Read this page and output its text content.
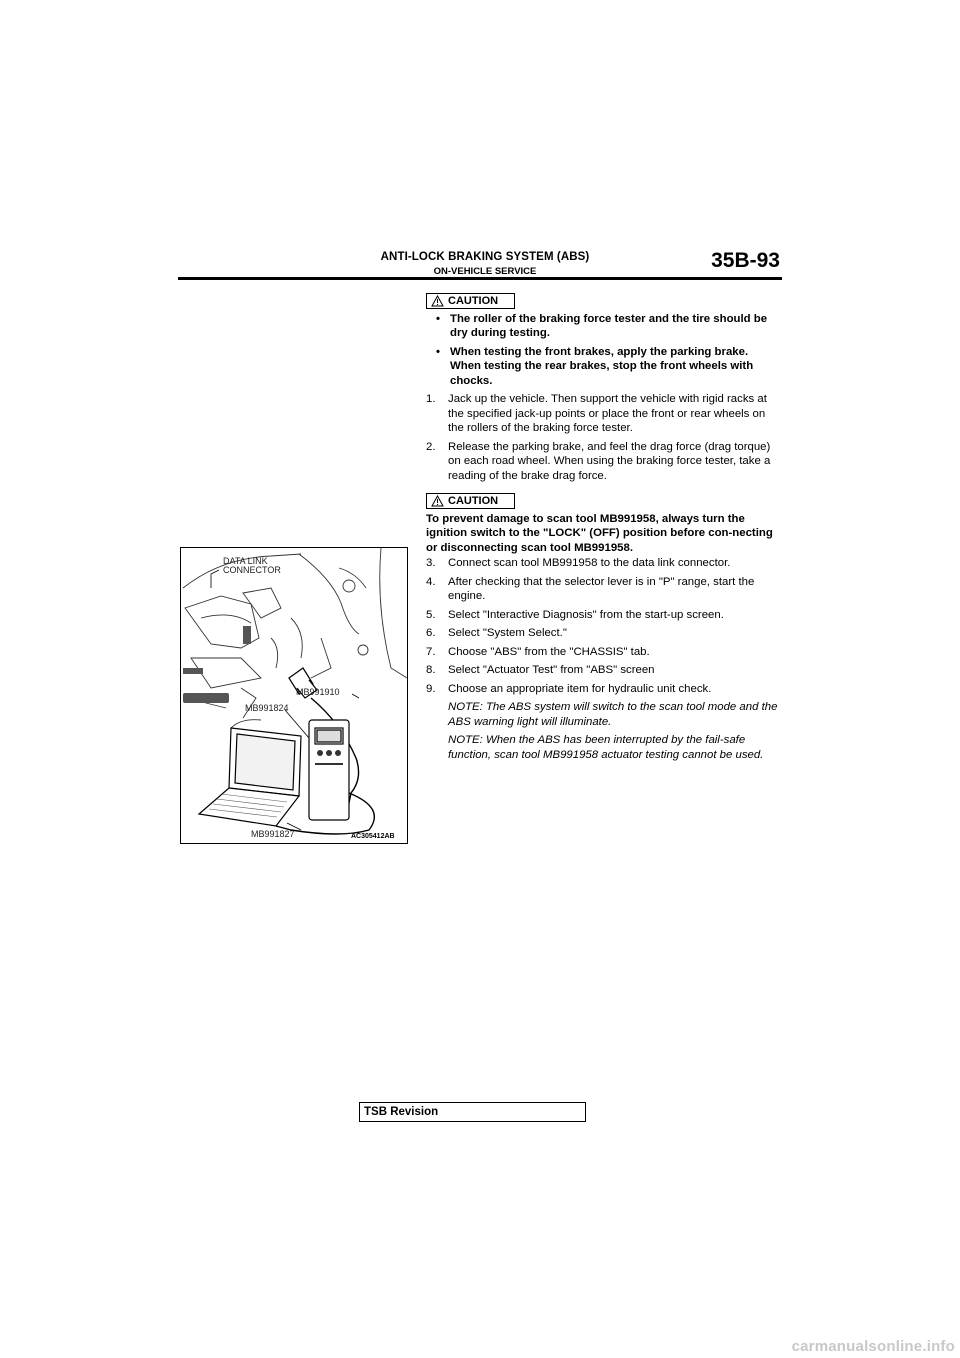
ANTI-LOCK BRAKING SYSTEM (ABS)
ON-VEHICLE SERVICE	35B-93
CAUTION
• The roller of the braking force tester and the tire should be dry during testing.
• When testing the front brakes, apply the parking brake. When testing the rear brakes, stop the front wheels with chocks.
1. Jack up the vehicle. Then support the vehicle with rigid racks at the specified jack-up points or place the front or rear wheels on the rollers of the braking force tester.
2. Release the parking brake, and feel the drag force (drag torque) on each road wheel. When using the braking force tester, take a reading of the brake drag force.
CAUTION
To prevent damage to scan tool MB991958, always turn the ignition switch to the "LOCK" (OFF) position before con-necting or disconnecting scan tool MB991958.
3. Connect scan tool MB991958 to the data link connector.
4. After checking that the selector lever is in "P" range, start the engine.
5. Select "Interactive Diagnosis" from the start-up screen.
6. Select "System Select."
7. Choose "ABS" from the "CHASSIS" tab.
8. Select "Actuator Test" from "ABS" screen
9. Choose an appropriate item for hydraulic unit check.
NOTE: The ABS system will switch to the scan tool mode and the ABS warning light will illuminate.
NOTE: When the ABS has been interrupted by the fail-safe function, scan tool MB991958 actuator testing cannot be used.
DATA LINK
CONNECTOR
MB991910
MB991824
MB991827	AC305412AB
TSB Revision
carmanualsonline.info
